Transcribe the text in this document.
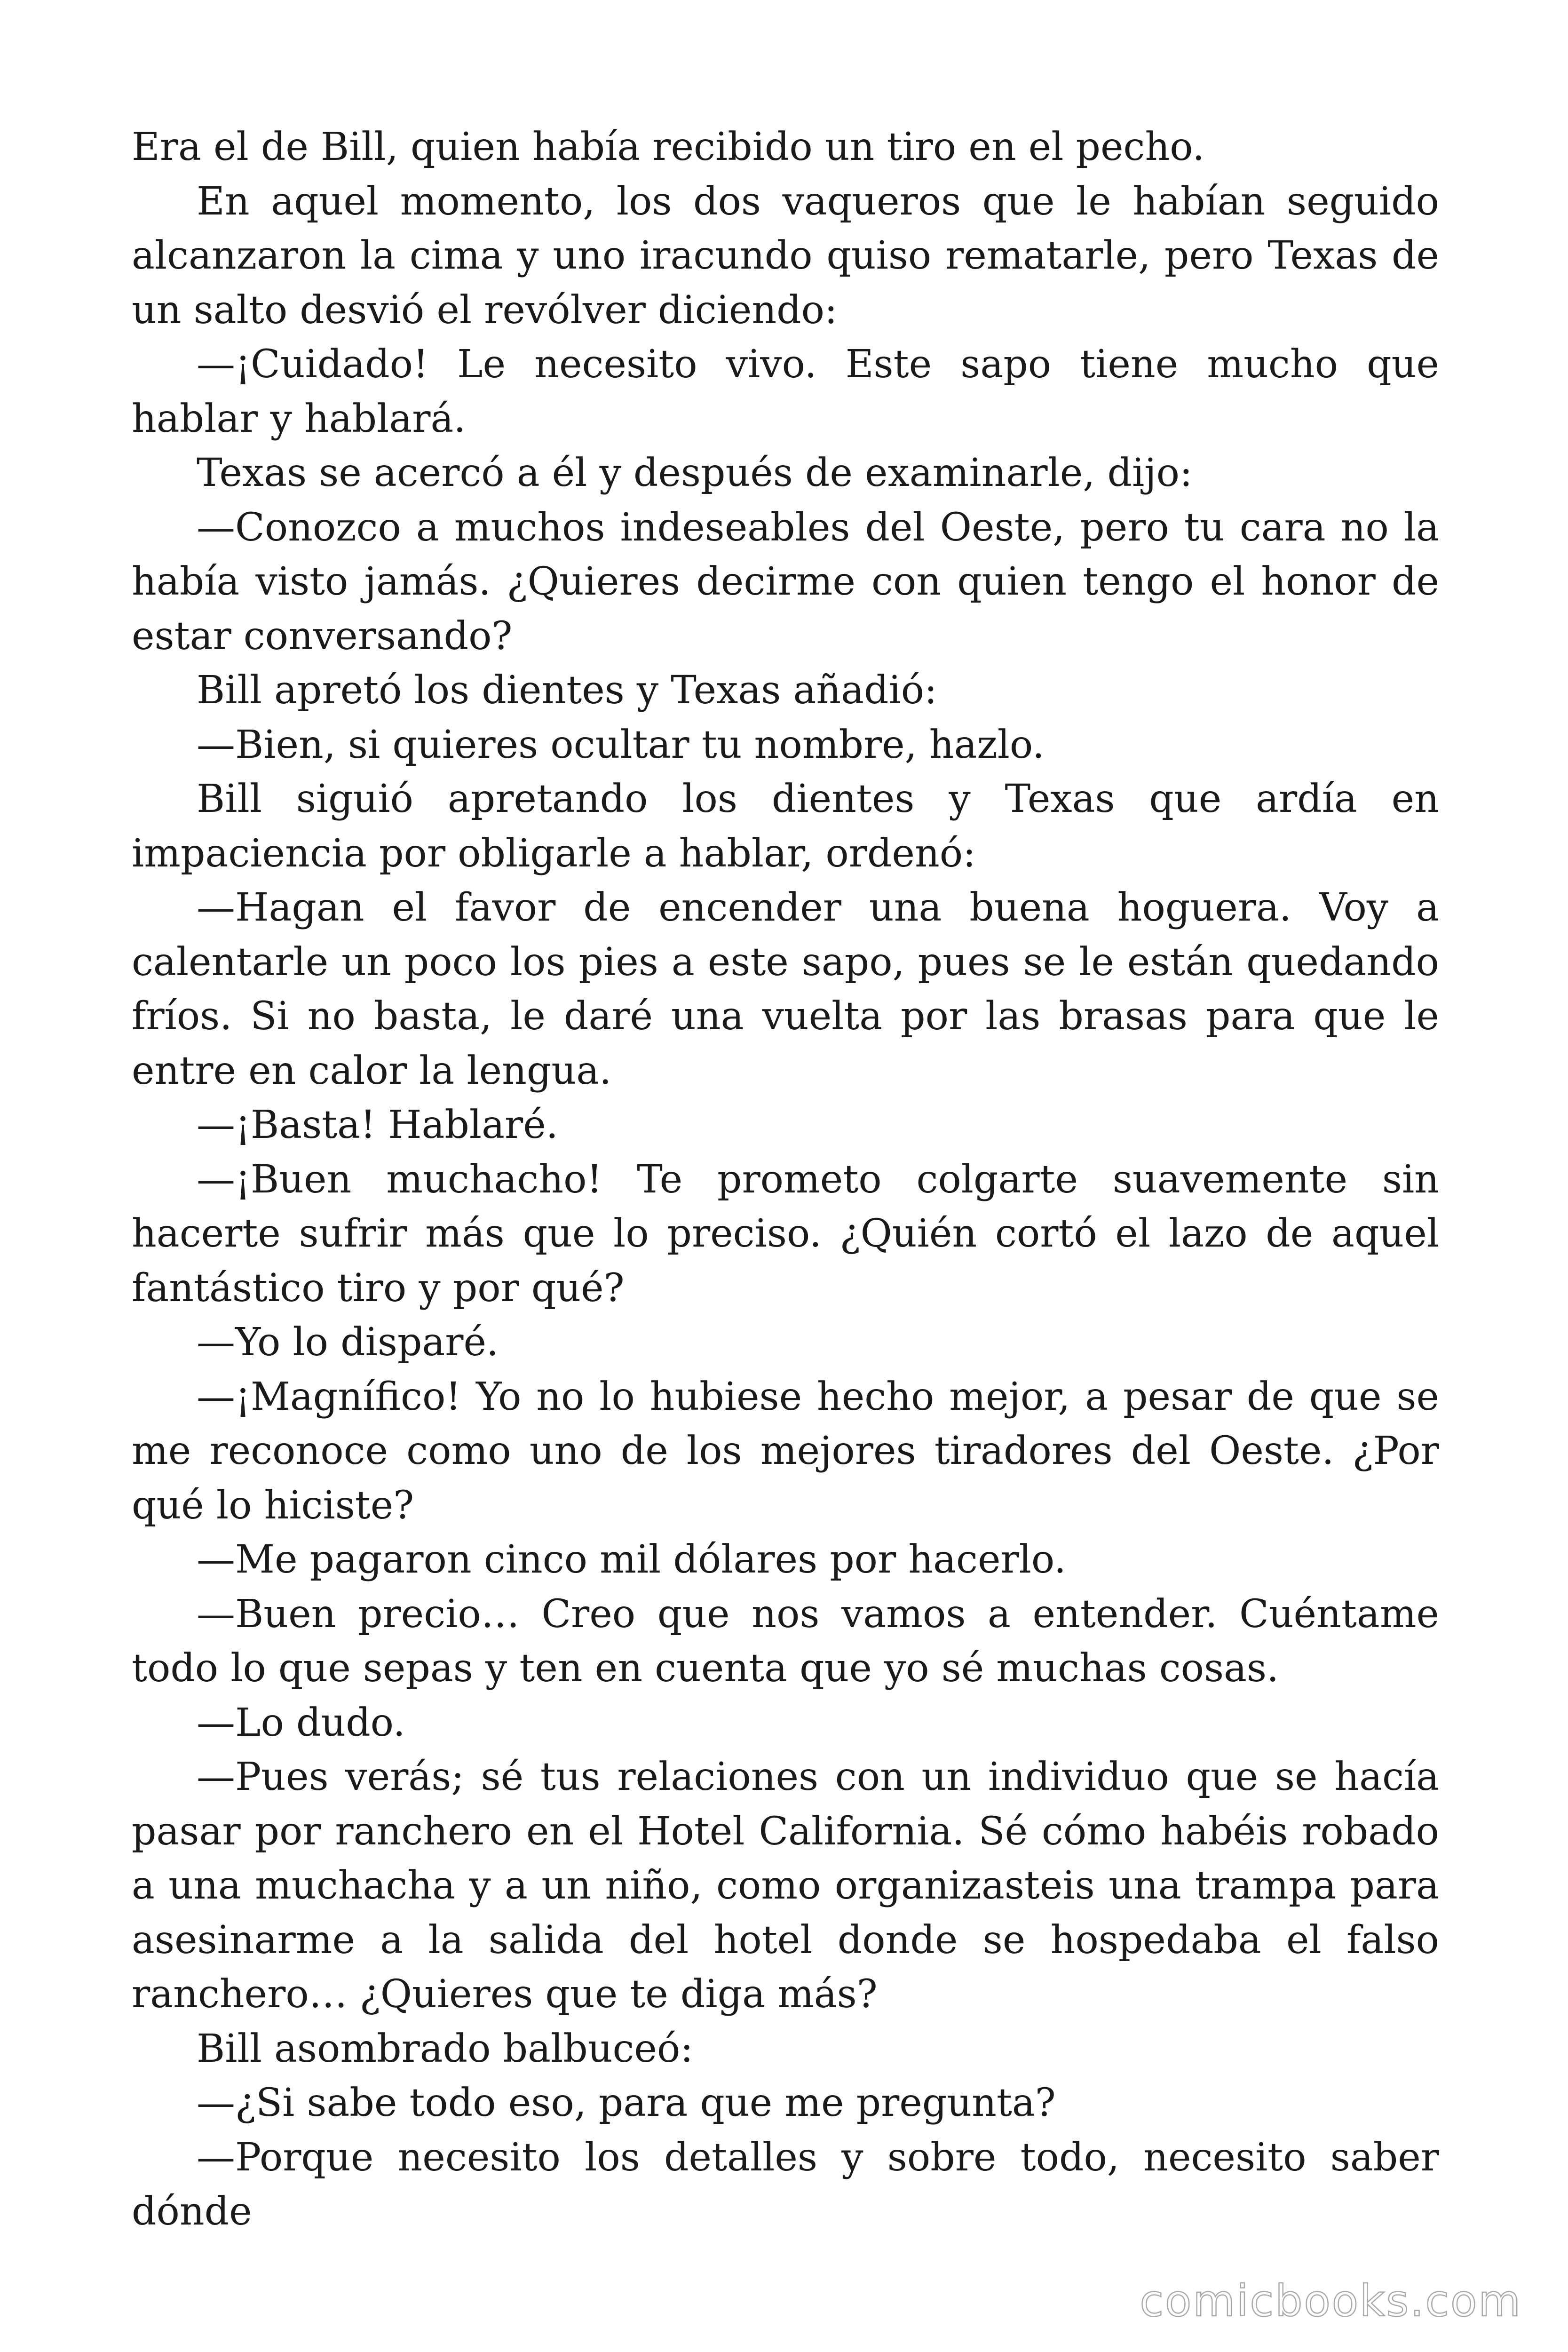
Era el de Bill, quien había recibido un tiro en el pecho.

En aquel momento, los dos vaqueros que le habían seguido alcanzaron la cima y uno iracundo quiso rematarle, pero Texas de un salto desvió el revólver diciendo:

—¡Cuidado! Le necesito vivo. Este sapo tiene mucho que hablar y hablará.

Texas se acercó a él y después de examinarle, dijo:

—Conozco a muchos indeseables del Oeste, pero tu cara no la había visto jamás. ¿Quieres decirme con quien tengo el honor de estar conversando?

Bill apretó los dientes y Texas añadió:

—Bien, si quieres ocultar tu nombre, hazlo.

Bill siguió apretando los dientes y Texas que ardía en impaciencia por obligarle a hablar, ordenó:

—Hagan el favor de encender una buena hoguera. Voy a calentarle un poco los pies a este sapo, pues se le están quedando fríos. Si no basta, le daré una vuelta por las brasas para que le entre en calor la lengua.

—¡Basta! Hablaré.

—¡Buen muchacho! Te prometo colgarte suavemente sin hacerte sufrir más que lo preciso. ¿Quién cortó el lazo de aquel fantástico tiro y por qué?

—Yo lo disparé.

—¡Magnífico! Yo no lo hubiese hecho mejor, a pesar de que se me reconoce como uno de los mejores tiradores del Oeste. ¿Por qué lo hiciste?

—Me pagaron cinco mil dólares por hacerlo.

—Buen precio… Creo que nos vamos a entender. Cuéntame todo lo que sepas y ten en cuenta que yo sé muchas cosas.

—Lo dudo.

—Pues verás; sé tus relaciones con un individuo que se hacía pasar por ranchero en el Hotel California. Sé cómo habéis robado a una muchacha y a un niño, como organizasteis una trampa para asesinarme a la salida del hotel donde se hospedaba el falso ranchero… ¿Quieres que te diga más?

Bill asombrado balbuceó:

—¿Si sabe todo eso, para que me pregunta?

—Porque necesito los detalles y sobre todo, necesito saber dónde

comicbooks.com
